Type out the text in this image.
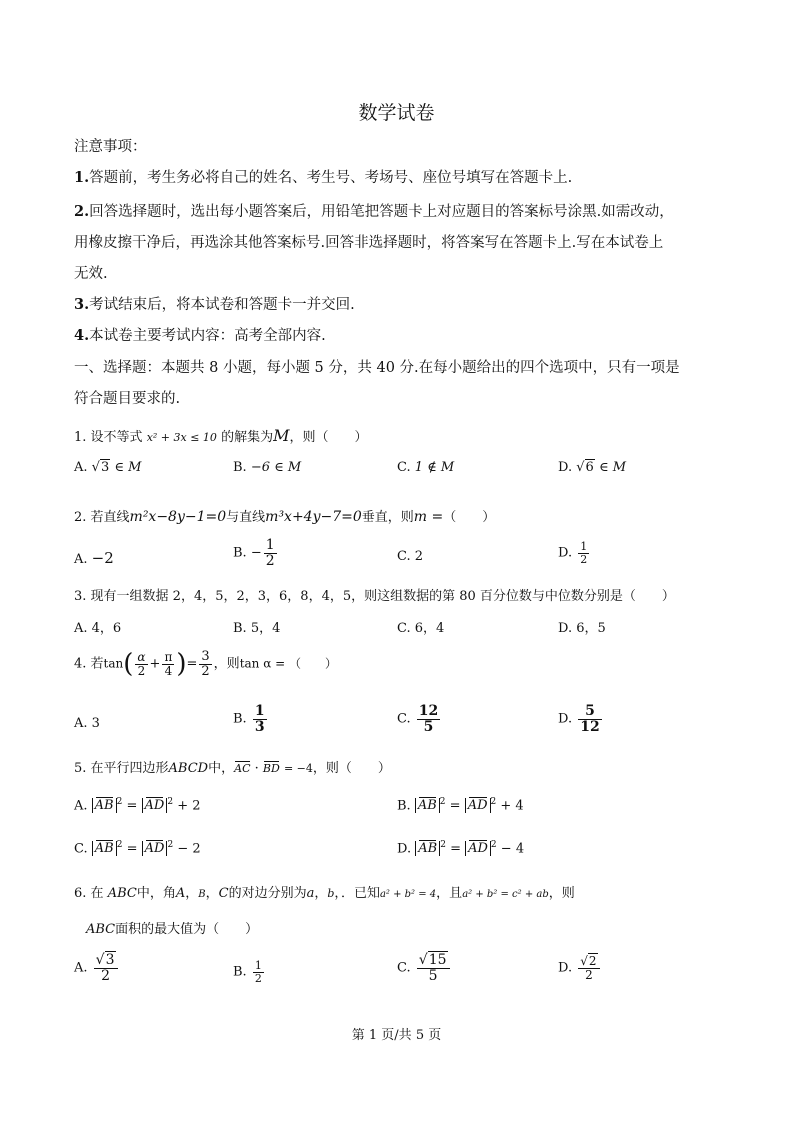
数学试卷
注意事项：
1.答题前，考生务必将自己的姓名、考生号、考场号、座位号填写在答题卡上.
2.回答选择题时，选出每小题答案后，用铅笔把答题卡上对应题目的答案标号涂黑.如需改动，
用橡皮擦干净后，再选涂其他答案标号.回答非选择题时，将答案写在答题卡上.写在本试卷上
无效.
3.考试结束后，将本试卷和答题卡一并交回.
4.本试卷主要考试内容：高考全部内容.
一、选择题：本题共 8 小题，每小题 5 分，共 40 分.在每小题给出的四个选项中，只有一项是
符合题目要求的.
1. 设不等式 x² + 3x ≤ 10 的解集为M，则（　　）
A. √3 ∈ M	B. −6 ∈ M	C. 1 ∉ M	D. √6 ∈ M
2. 若直线m²x−8y−1=0与直线m³x+4y−7=0垂直，则m =（　　）
A. −2	B. − $\frac{1}{2}$	C. 2	D. $\frac{1}{2}$
3. 现有一组数据 2，4，5，2，3，6，8，4，5，则这组数据的第 80 百分位数与中位数分别是（　　）
A. 4，6	B. 5，4	C. 6，4	D. 6，5
4. 若$\tan( \frac{\alpha}{2} + \frac{\pi}{4}$ )= $\frac{3}{2}$ ，则tan α = （　　）
A. 3	B. $\frac{1}{3}$	C. $\frac{12}{5}$	D. $\frac{5}{12}$
5. 在平行四边形ABCD中，AC · BD = −4，则（　　）
A. AB $^2$ = AD $^2$ + 2	B. AB $^2$ = AD $^2$ + 4
C. AB $^2$ = AD $^2$ − 2	D. AB $^2$ = AD $^2$ − 4
6. 在 ABC中，角A，B，C的对边分别为a，b，．已知a² + b² = 4，且a² + b² = c² + ab，则
ABC面积的最大值为（　　）
A. $\frac{√3}{2}$	B. $\frac{1}{2}$	C. $\frac{√15}{5}$	D. $\frac{√2}{2}$
第 1 页/共 5 页
